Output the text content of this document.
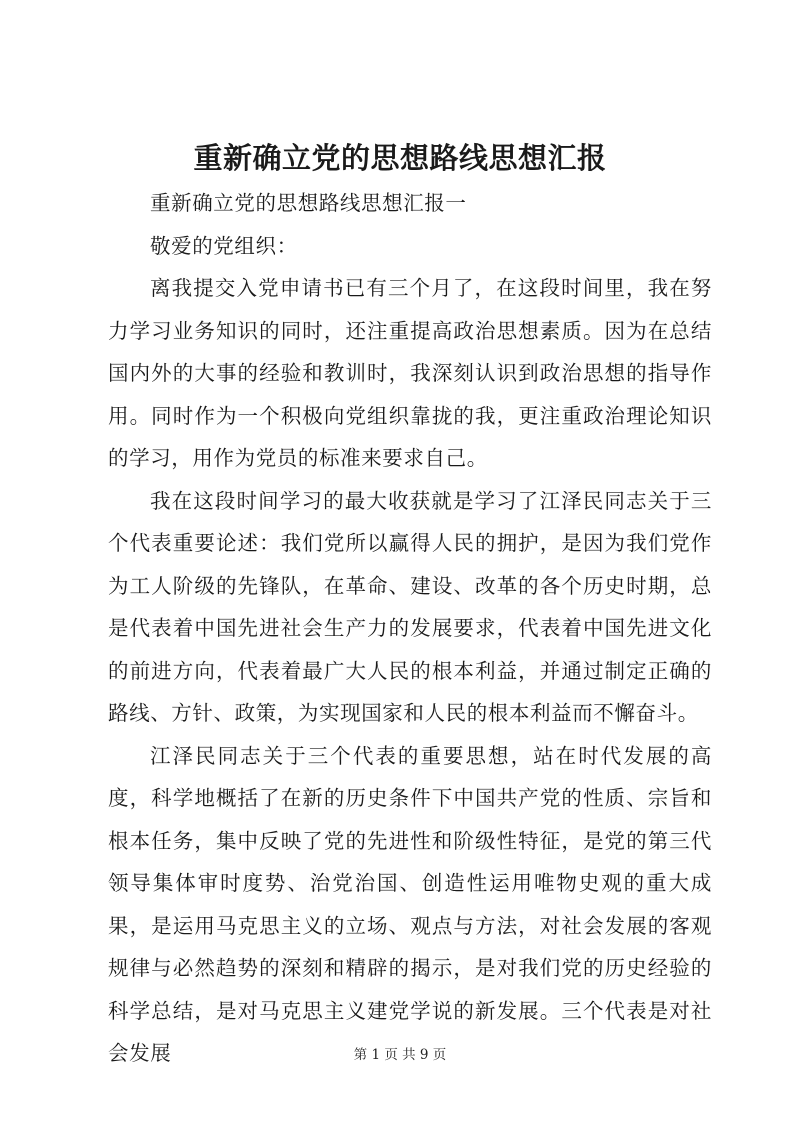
重新确立党的思想路线思想汇报

重新确立党的思想路线思想汇报一

敬爱的党组织：

离我提交入党申请书已有三个月了，在这段时间里，我在努力学习业务知识的同时，还注重提高政治思想素质。因为在总结国内外的大事的经验和教训时，我深刻认识到政治思想的指导作用。同时作为一个积极向党组织靠拢的我，更注重政治理论知识的学习，用作为党员的标准来要求自己。

我在这段时间学习的最大收获就是学习了江泽民同志关于三个代表重要论述：我们党所以赢得人民的拥护，是因为我们党作为工人阶级的先锋队，在革命、建设、改革的各个历史时期，总是代表着中国先进社会生产力的发展要求，代表着中国先进文化的前进方向，代表着最广大人民的根本利益，并通过制定正确的路线、方针、政策，为实现国家和人民的根本利益而不懈奋斗。

江泽民同志关于三个代表的重要思想，站在时代发展的高度，科学地概括了在新的历史条件下中国共产党的性质、宗旨和根本任务，集中反映了党的先进性和阶级性特征，是党的第三代领导集体审时度势、治党治国、创造性运用唯物史观的重大成果，是运用马克思主义的立场、观点与方法，对社会发展的客观规律与必然趋势的深刻和精辟的揭示，是对我们党的历史经验的科学总结，是对马克思主义建党学说的新发展。三个代表是对社会发展	第 1 页 共 9 页
